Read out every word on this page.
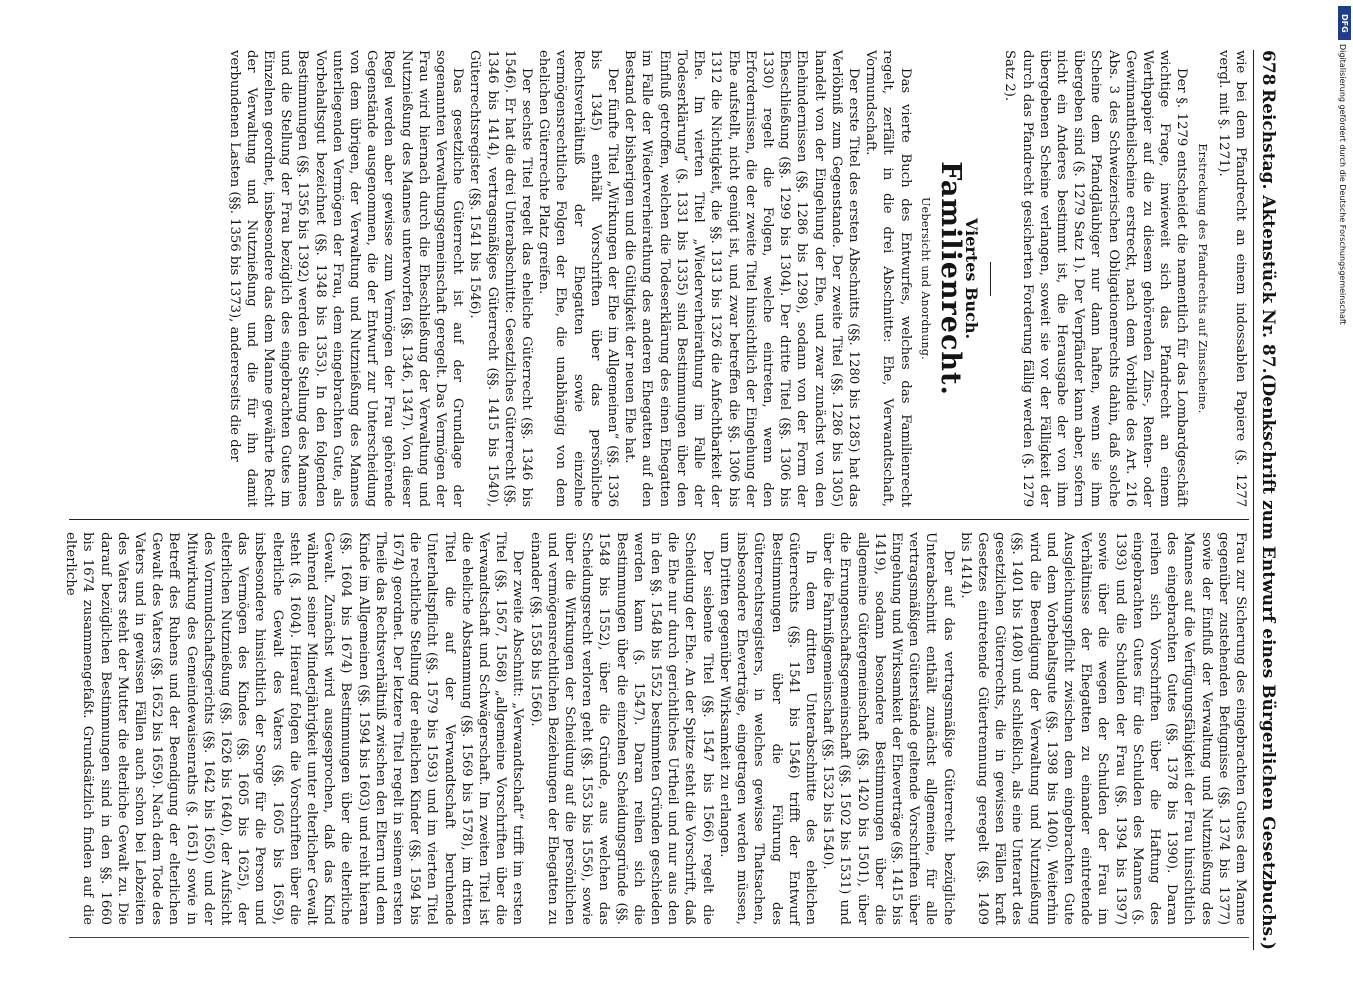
678
Reichstag. Aktenstück Nr. 87.
(Denkschrift zum Entwurf eines Bürgerlichen Gesetzbuchs.)

wie bei dem Pfandrecht an einem indossablen Papiere (§. 1277 vergl. mit §. 1271).

Erstreckung des Pfandrechts auf Zinsscheine.

Der §. 1279 entscheidet die namentlich für das Lombardgeschäft wichtige Frage, inwieweit sich das Pfandrecht an einem Werthpapier auf die zu diesem gehörenden Zins-, Renten- oder Gewinnantheilscheine erstreckt, nach dem Vorbilde des Art. 216 Abs. 3 des Schweizerischen Obligationenrechts dahin, daß solche Scheine dem Pfandgläubiger nur dann haften, wenn sie ihm übergeben sind (§. 1279 Satz 1). Der Verpfänder kann aber, sofern nicht ein Anderes bestimmt ist, die Herausgabe der von ihm übergebenen Scheine verlangen, soweit sie vor der Fälligkeit der durch das Pfandrecht gesicherten Forderung fällig werden (§. 1279 Satz 2).

Viertes Buch.
Familienrecht.
Uebersicht und Anordnung.

Das vierte Buch des Entwurfes, welches das Familienrecht regelt, zerfällt in die drei Abschnitte: Ehe, Verwandtschaft, Vormundschaft.

Der erste Titel des ersten Abschnitts (§§. 1280 bis 1285) hat das Verlöbniß zum Gegenstande. Der zweite Titel (§§. 1286 bis 1305) handelt von der Eingehung der Ehe, und zwar zunächst von den Ehehindernissen (§§. 1286 bis 1298), sodann von der Form der Eheschließung (§§. 1299 bis 1304). Der dritte Titel (§§. 1306 bis 1330) regelt die Folgen, welche eintreten, wenn den Erfordernissen, die der zweite Titel hinsichtlich der Eingehung der Ehe aufstellt, nicht genügt ist, und zwar betreffen die §§. 1306 bis 1312 die Nichtigkeit, die §§. 1313 bis 1326 die Anfechtbarkeit der Ehe. Im vierten Titel „Wiederverheirathung im Falle der Todeserklärung“ (§. 1331 bis 1335) sind Bestimmungen über den Einfluß getroffen, welchen die Todeserklärung des einen Ehegatten im Falle der Wiederverheirathung des anderen Ehegatten auf den Bestand der bisherigen und die Gültigkeit der neuen Ehe hat.

Der fünfte Titel „Wirkungen der Ehe im Allgemeinen“ (§§. 1336 bis 1345) enthält Vorschriften über das persönliche Rechtsverhältniß der Ehegatten sowie einzelne vermögensrechtliche Folgen der Ehe, die unabhängig von dem ehelichen Güterrechte Platz greifen.

Der sechste Titel regelt das eheliche Güterrecht (§§. 1346 bis 1546). Er hat die drei Unterabschnitte: Gesetzliches Güterrecht (§§. 1346 bis 1414), vertragsmäßiges Güterrecht (§§. 1415 bis 1540), Güterrechtsregister (§§. 1541 bis 1546).

Das gesetzliche Güterrecht ist auf der Grundlage der sogenannten Verwaltungsgemeinschaft geregelt. Das Vermögen der Frau wird hiernach durch die Eheschließung der Verwaltung und Nutznießung des Mannes unterworfen (§§. 1346, 1347). Von dieser Regel werden aber gewisse zum Vermögen der Frau gehörende Gegenstände ausgenommen, die der Entwurf zur Unterscheidung von dem übrigen, der Verwaltung und Nutznießung des Mannes unterliegenden Vermögen der Frau, dem eingebrachten Gute, als Vorbehaltsgut bezeichnet (§§. 1348 bis 1353). In den folgenden Bestimmungen (§§. 1356 bis 1392) werden die Stellung des Mannes und die Stellung der Frau bezüglich des eingebrachten Gutes im Einzelnen geordnet, insbesondere das dem Manne gewährte Recht der Verwaltung und Nutznießung und die für ihn damit verbundenen Lasten (§§. 1356 bis 1373), andererseits die der

Frau zur Sicherung des eingebrachten Gutes dem Manne gegenüber zustehenden Befugnisse (§§. 1374 bis 1377) sowie der Einfluß der Verwaltung und Nutznießung des Mannes auf die Verfügungsfähigkeit der Frau hinsichtlich des eingebrachten Gutes (§§. 1378 bis 1390). Daran reihen sich Vorschriften über die Haftung des eingebrachten Gutes für die Schulden des Mannes (§. 1393) und die Schulden der Frau (§§. 1394 bis 1397) sowie über die wegen der Schulden der Frau im Verhältnisse der Ehegatten zu einander eintretende Ausgleichungspflicht zwischen dem eingebrachten Gute und dem Vorbehaltsgute (§§. 1398 bis 1400). Weiterhin wird die Beendigung der Verwaltung und Nutznießung (§§. 1401 bis 1408) und schließlich, als eine Unterart des gesetzlichen Güterrechts, die in gewissen Fällen kraft Gesetzes eintretende Gütertrennung geregelt (§§. 1409 bis 1414).

Der auf das vertragsmäßige Güterrecht bezügliche Unterabschnitt enthält zunächst allgemeine, für alle vertragsmäßigen Güterstände geltende Vorschriften über Eingehung und Wirksamkeit der Eheverträge (§§. 1415 bis 1419), sodann besondere Bestimmungen über die allgemeine Gütergemeinschaft (§§. 1420 bis 1501), über die Errungenschaftsgemeinschaft (§§. 1502 bis 1531) und über die Fahrnißgemeinschaft (§§. 1532 bis 1540).

In dem dritten Unterabschnitte des ehelichen Güterrechts (§§. 1541 bis 1546) trifft der Entwurf Bestimmungen über die Führung des Güterrechtsregisters, in welches gewisse Thatsachen, insbesondere Eheverträge, eingetragen werden müssen, um Dritten gegenüber Wirksamkeit zu erlangen.

Der siebente Titel (§§. 1547 bis 1566) regelt die Scheidung der Ehe. An der Spitze steht die Vorschrift, daß die Ehe nur durch gerichtliches Urtheil und nur aus den in den §§. 1548 bis 1552 bestimmten Gründen geschieden werden kann (§. 1547). Daran reihen sich die Bestimmungen über die einzelnen Scheidungsgründe (§§. 1548 bis 1552), über die Gründe, aus welchen das Scheidungsrecht verloren geht (§§. 1553 bis 1556), sowie über die Wirkungen der Scheidung auf die persönlichen und vermögensrechtlichen Beziehungen der Ehegatten zu einander (§§. 1558 bis 1566).

Der zweite Abschnitt: „Verwandtschaft“ trifft im ersten Titel (§§. 1567, 1568) „allgemeine Vorschriften über die Verwandtschaft und Schwägerschaft. Im zweiten Titel ist die eheliche Abstammung (§§. 1569 bis 1578), im dritten Titel die auf der Verwandtschaft beruhende Unterhaltspflicht (§§. 1579 bis 1593) und im vierten Titel die rechtliche Stellung der ehelichen Kinder (§§. 1594 bis 1674) geordnet. Der letztere Titel regelt in seinem ersten Theile das Rechtsverhältniß zwischen den Eltern und dem Kinde im Allgemeinen (§§. 1594 bis 1603) und reiht hieran (§§. 1604 bis 1674) Bestimmungen über die elterliche Gewalt. Zunächst wird ausgesprochen, daß das Kind während seiner Minderjährigkeit unter elterlicher Gewalt steht (§. 1604). Hierauf folgen die Vorschriften über die elterliche Gewalt des Vaters (§§. 1605 bis 1659), insbesondere hinsichtlich der Sorge für die Person und das Vermögen des Kindes (§§. 1605 bis 1625), der elterlichen Nutznießung (§§. 1626 bis 1640), der Aufsicht des Vormundschaftsgerichts (§§. 1642 bis 1650) und der Mitwirkung des Gemeindewaisenraths (§. 1651) sowie in Betreff des Ruhens und der Beendigung der elterlichen Gewalt des Vaters (§§. 1652 bis 1659). Nach dem Tode des Vaters und in gewissen Fällen auch schon bei Lebzeiten des Vaters steht der Mutter die elterliche Gewalt zu. Die darauf bezüglichen Bestimmungen sind in den §§. 1660 bis 1674 zusammengefaßt. Grundsätzlich finden auf die elterliche

DFG
Digitalisierung gefördert durch die Deutsche Forschungsgemeinschaft
